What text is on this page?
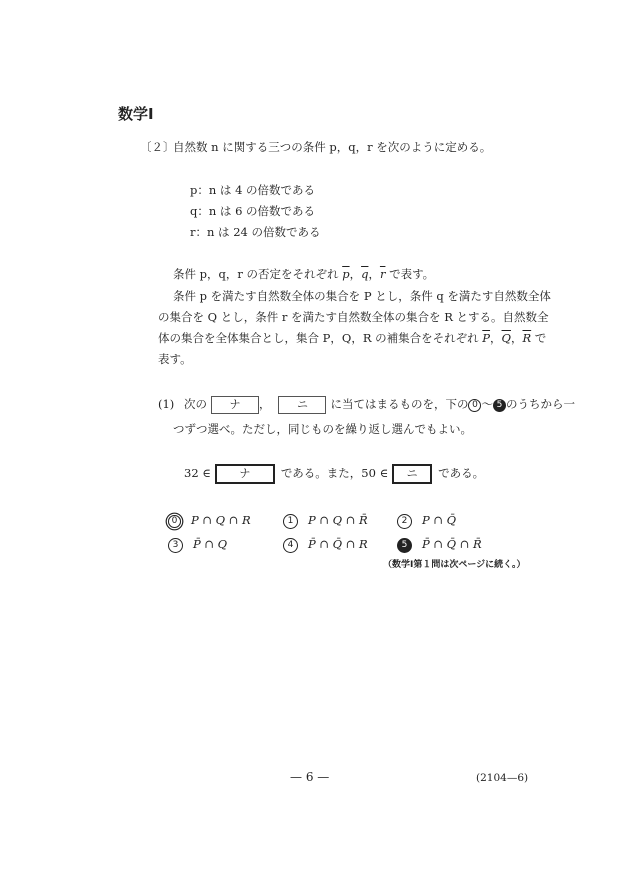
数学Ⅰ
〔２〕
自然数 n に関する三つの条件 p，q，r を次のように定める。
p：n は 4 の倍数である
q：n は 6 の倍数である
r：n は 24 の倍数である
条件 p，q，r の否定をそれぞれ $\overline{p}$，$\overline{q}$，$\overline{r}$ で表す。
条件 p を満たす自然数全体の集合を P とし，条件 q を満たす自然数全体
の集合を Q とし，条件 r を満たす自然数全体の集合を R とする。自然数全
体の集合を全体集合とし，集合 P，Q，R の補集合をそれぞれ $\overline{P}$，$\overline{Q}$，$\overline{R}$ で
表す。
(1) 次の ナ ， ニ に当てはまるものを，下の 0 ～ 5 のうちから一
つずつ選べ。ただし，同じものを繰り返し選んでもよい。
32 ∈	ナ	である。また，50 ∈ ニ である。
0 P ∩ Q ∩ R	1 P ∩ Q ∩ R̄	2 P ∩ Q̄
3 P̄ ∩ Q	4 P̄ ∩ Q̄ ∩ R	5 P̄ ∩ Q̄ ∩ R̄
（数学Ⅰ第１問は次ページに続く。）
— 6 —	(2104—6)
